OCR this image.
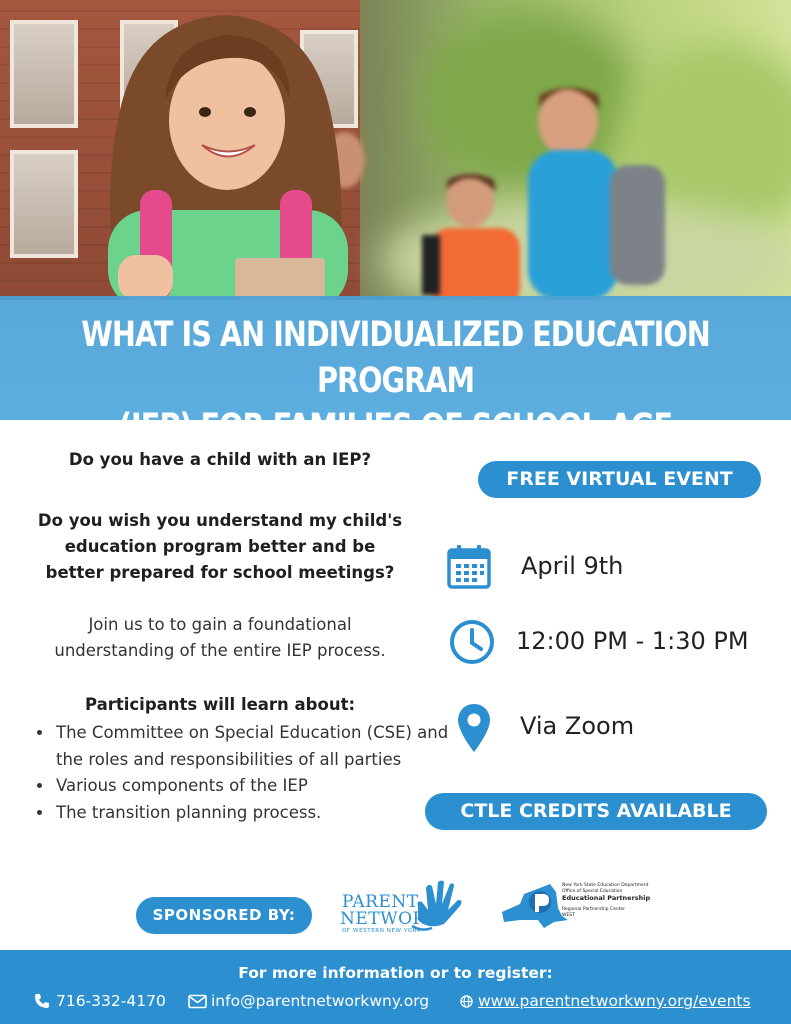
WHAT IS AN INDIVIDUALIZED EDUCATION PROGRAM
(IEP) FOR FAMILIES OF SCHOOL-AGE STUDENTS
Do you have a child with an IEP?
Do you wish you understand my child's
education program better and be
better prepared for school meetings?
Join us to to gain a foundational
understanding of the entire IEP process.
Participants will learn about:
• The Committee on Special Education (CSE) and the roles and responsibilities of all parties
• Various components of the IEP
• The transition planning process.
FREE VIRTUAL EVENT
April 9th
12:00 PM - 1:30 PM
Via Zoom
CTLE CREDITS AVAILABLE
SPONSORED BY:
PARENT
NETWORK
OF WESTERN NEW YORK
New York State Education Department
Office of Special Education
Educational Partnership
Regional Partnership Center
WEST
For more information or to register:
716-332-4170	info@parentnetworkwny.org	www.parentnetworkwny.org/events
